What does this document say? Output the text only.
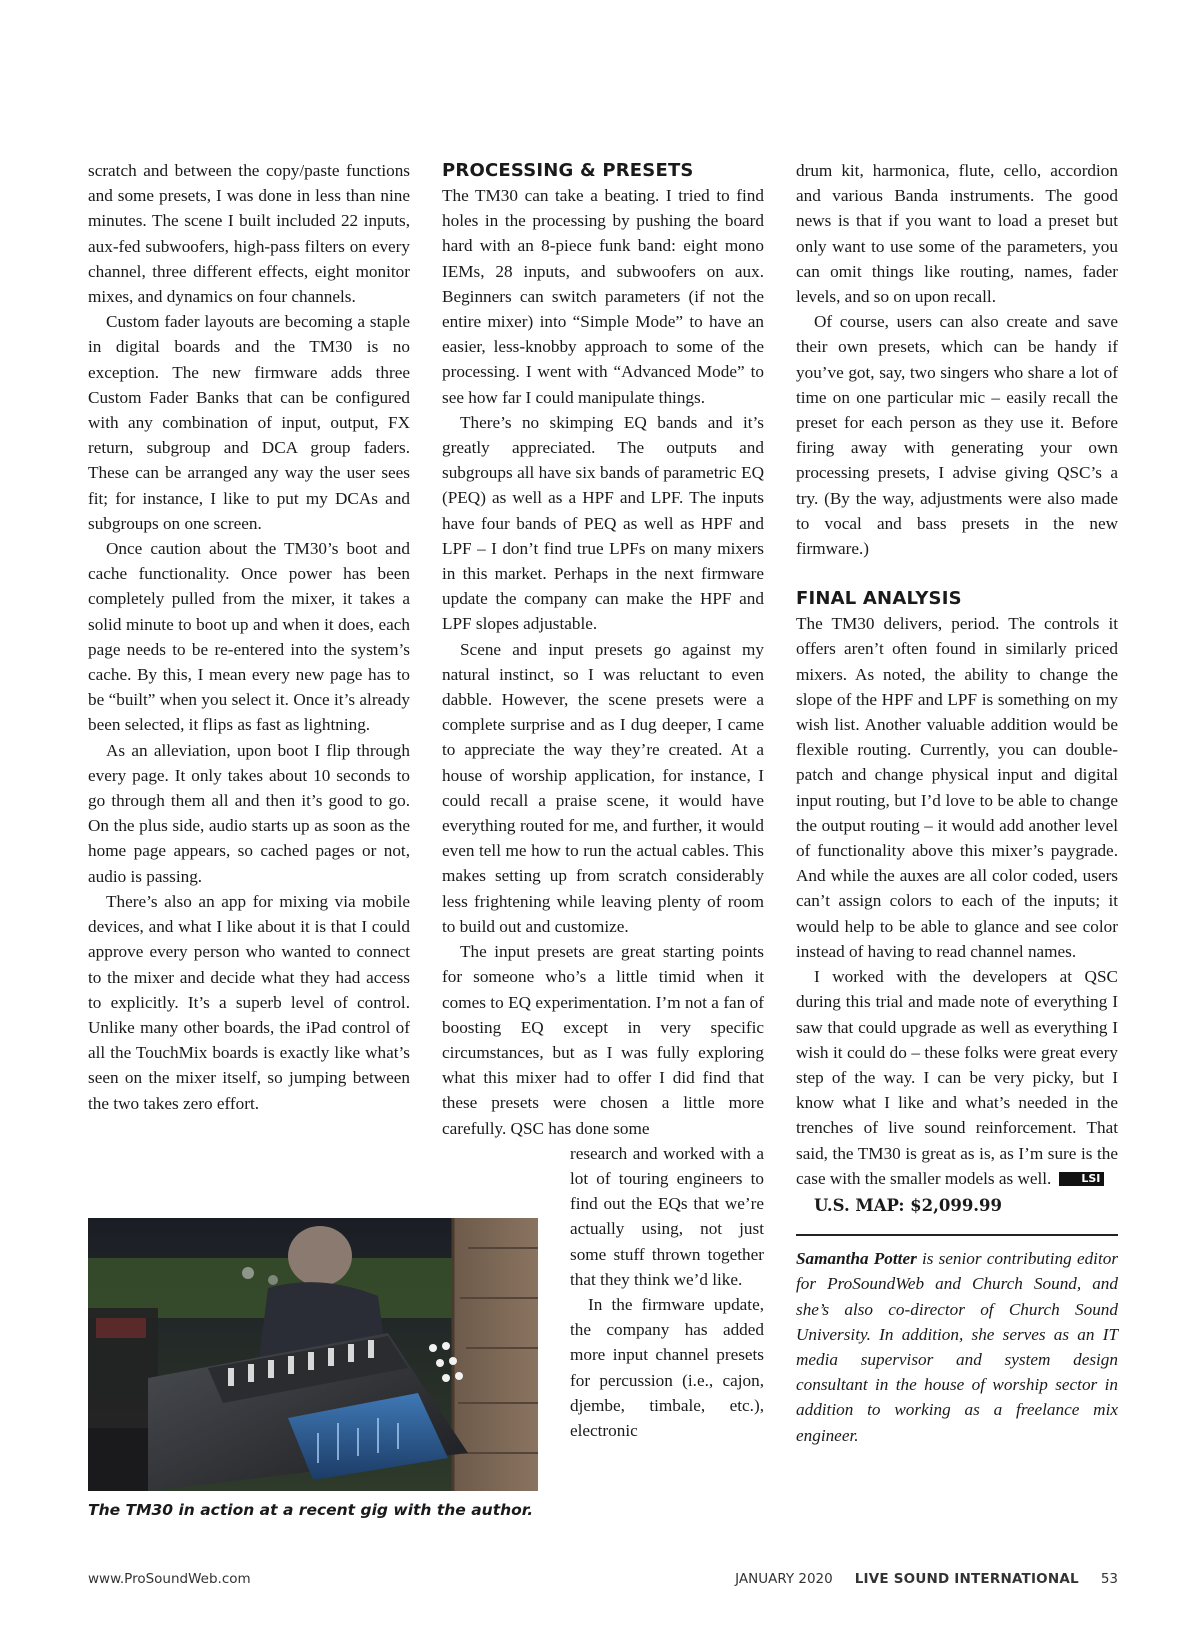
scratch and between the copy/paste functions and some presets, I was done in less than nine minutes. The scene I built included 22 inputs, aux-fed subwoofers, high-pass filters on every channel, three different effects, eight monitor mixes, and dynamics on four channels.

Custom fader layouts are becoming a staple in digital boards and the TM30 is no exception. The new firmware adds three Custom Fader Banks that can be configured with any combination of input, output, FX return, subgroup and DCA group faders. These can be arranged any way the user sees fit; for instance, I like to put my DCAs and subgroups on one screen.

Once caution about the TM30’s boot and cache functionality. Once power has been completely pulled from the mixer, it takes a solid minute to boot up and when it does, each page needs to be re-entered into the system’s cache. By this, I mean every new page has to be “built” when you select it. Once it’s already been selected, it flips as fast as lightning.

As an alleviation, upon boot I flip through every page. It only takes about 10 seconds to go through them all and then it’s good to go. On the plus side, audio starts up as soon as the home page appears, so cached pages or not, audio is passing.

There’s also an app for mixing via mobile devices, and what I like about it is that I could approve every person who wanted to connect to the mixer and decide what they had access to explicitly. It’s a superb level of control. Unlike many other boards, the iPad control of all the TouchMix boards is exactly like what’s seen on the mixer itself, so jumping between the two takes zero effort.

The TM30 in action at a recent gig with the author.
PROCESSING & PRESETS

The TM30 can take a beating. I tried to find holes in the processing by pushing the board hard with an 8-piece funk band: eight mono IEMs, 28 inputs, and subwoofers on aux. Beginners can switch parameters (if not the entire mixer) into “Simple Mode” to have an easier, less-knobby approach to some of the processing. I went with “Advanced Mode” to see how far I could manipulate things.

There’s no skimping EQ bands and it’s greatly appreciated. The outputs and subgroups all have six bands of parametric EQ (PEQ) as well as a HPF and LPF. The inputs have four bands of PEQ as well as HPF and LPF – I don’t find true LPFs on many mixers in this market. Perhaps in the next firmware update the company can make the HPF and LPF slopes adjustable.

Scene and input presets go against my natural instinct, so I was reluctant to even dabble. However, the scene presets were a complete surprise and as I dug deeper, I came to appreciate the way they’re created. At a house of worship application, for instance, I could recall a praise scene, it would have everything routed for me, and further, it would even tell me how to run the actual cables. This makes setting up from scratch considerably less frightening while leaving plenty of room to build out and customize.

The input presets are great starting points for someone who’s a little timid when it comes to EQ experimentation. I’m not a fan of boosting EQ except in very specific circumstances, but as I was fully exploring what this mixer had to offer I did find that these presets were chosen a little more carefully. QSC has done some

research and worked with a lot of touring engineers to find out the EQs that we’re actually using, not just some stuff thrown together that they think we’d like.

In the firmware update, the company has added more input channel presets for percussion (i.e., cajon, djembe, timbale, etc.), electronic

drum kit, harmonica, flute, cello, accordion and various Banda instruments. The good news is that if you want to load a preset but only want to use some of the parameters, you can omit things like routing, names, fader levels, and so on upon recall.

Of course, users can also create and save their own presets, which can be handy if you’ve got, say, two singers who share a lot of time on one particular mic – easily recall the preset for each person as they use it. Before firing away with generating your own processing presets, I advise giving QSC’s a try. (By the way, adjustments were also made to vocal and bass presets in the new firmware.)

FINAL ANALYSIS

The TM30 delivers, period. The controls it offers aren’t often found in similarly priced mixers. As noted, the ability to change the slope of the HPF and LPF is something on my wish list. Another valuable addition would be flexible routing. Currently, you can double-patch and change physical input and digital input routing, but I’d love to be able to change the output routing – it would add another level of functionality above this mixer’s paygrade. And while the auxes are all color coded, users can’t assign colors to each of the inputs; it would help to be able to glance and see color instead of having to read channel names.

I worked with the developers at QSC during this trial and made note of everything I saw that could upgrade as well as everything I wish it could do – these folks were great every step of the way. I can be very picky, but I know what I like and what’s needed in the trenches of live sound reinforcement. That said, the TM30 is great as is, as I’m sure is the case with the smaller models as well.	LSI

U.S. MAP: $2,099.99
Samantha Potter is senior contributing editor for ProSoundWeb and Church Sound, and she’s also co-director of Church Sound University. In addition, she serves as an IT media supervisor and system design consultant in the house of worship sector in addition to working as a freelance mix engineer.
www.ProSoundWeb.com	JANUARY 2020 LIVE SOUND INTERNATIONAL 53
